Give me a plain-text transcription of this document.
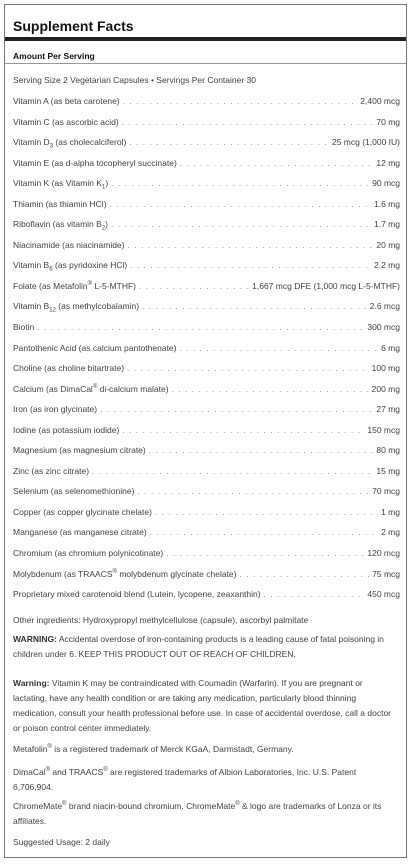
Supplement Facts
Amount Per Serving
Serving Size 2 Vegetarian Capsules • Servings Per Container 30
Vitamin A (as beta carotene) . . .	2,400 mcg
Vitamin C (as ascorbic acid) . . .	70 mg
Vitamin $D_3$ (as cholecalciferol) . . .	25 mcg (1,000 IU)
Vitamin E (as d-alpha tocopheryl succinate) . . .	12 mg
Vitamin K (as Vitamin $K_1$) . . .	90 mcg
Thiamin (as thiamin HCl) . . .	1.6 mg
Riboflavin (as vitamin $B_2$) . . .	1.7 mg
Niacinamide (as niacinamide) . . .	20 mg
Vitamin $B_6$ (as pyridoxine HCl) . . .	2.2 mg
Folate (as Metafolin® L-5-MTHF) . . .	1,667 mcg DFE (1,000 mcg L-5-MTHF)
Vitamin $B_{12}$ (as methylcobalamin) . . .	2.6 mcg
Biotin . . .	300 mcg
Pantothenic Acid (as calcium pantothenate) . . .	6 mg
Choline (as choline bitartrate) . . .	100 mg
Calcium (as DimaCal® di-calcium malate) . . .	200 mg
Iron (as iron glycinate) . . .	27 mg
Iodine (as potassium iodide) . . .	150 mcg
Magnesium (as magnesium citrate) . . .	80 mg
Zinc (as zinc citrate) . . .	15 mg
Selenium (as selenomethionine) . . .	70 mcg
Copper (as copper glycinate chelate) . . .	1 mg
Manganese (as manganese citrate) . . .	2 mg
Chromium (as chromium polynicotinate) . . .	120 mcg
Molybdenum (as TRAACS® molybdenum glycinate chelate) . . .	75 mcg
Proprietary mixed carotenoid blend (Lutein, lycopene, zeaxanthin) . . .	450 mcg
Other ingredients: Hydroxypropyl methylcellulose (capsule), ascorbyl palmitate
WARNING: Accidental overdose of iron-containing products is a leading cause of fatal poisoning in children under 6. KEEP THIS PRODUCT OUT OF REACH OF CHILDREN.
Warning: Vitamin K may be contraindicated with Coumadin (Warfarin). If you are pregnant or lactating, have any health condition or are taking any medication, particularly blood thinning medication, consult your health professional before use. In case of accidental overdose, call a doctor or poison control center immediately.
Metafolin® is a registered trademark of Merck KGaA, Darmstadt, Germany.
DimaCal® and TRAACS® are registered trademarks of Albion Laboratories, Inc. U.S. Patent 6,706,904.
ChromeMate® brand niacin-bound chromium. ChromeMate® & logo are trademarks of Lonza or its affiliates.
Suggested Usage: 2 daily
